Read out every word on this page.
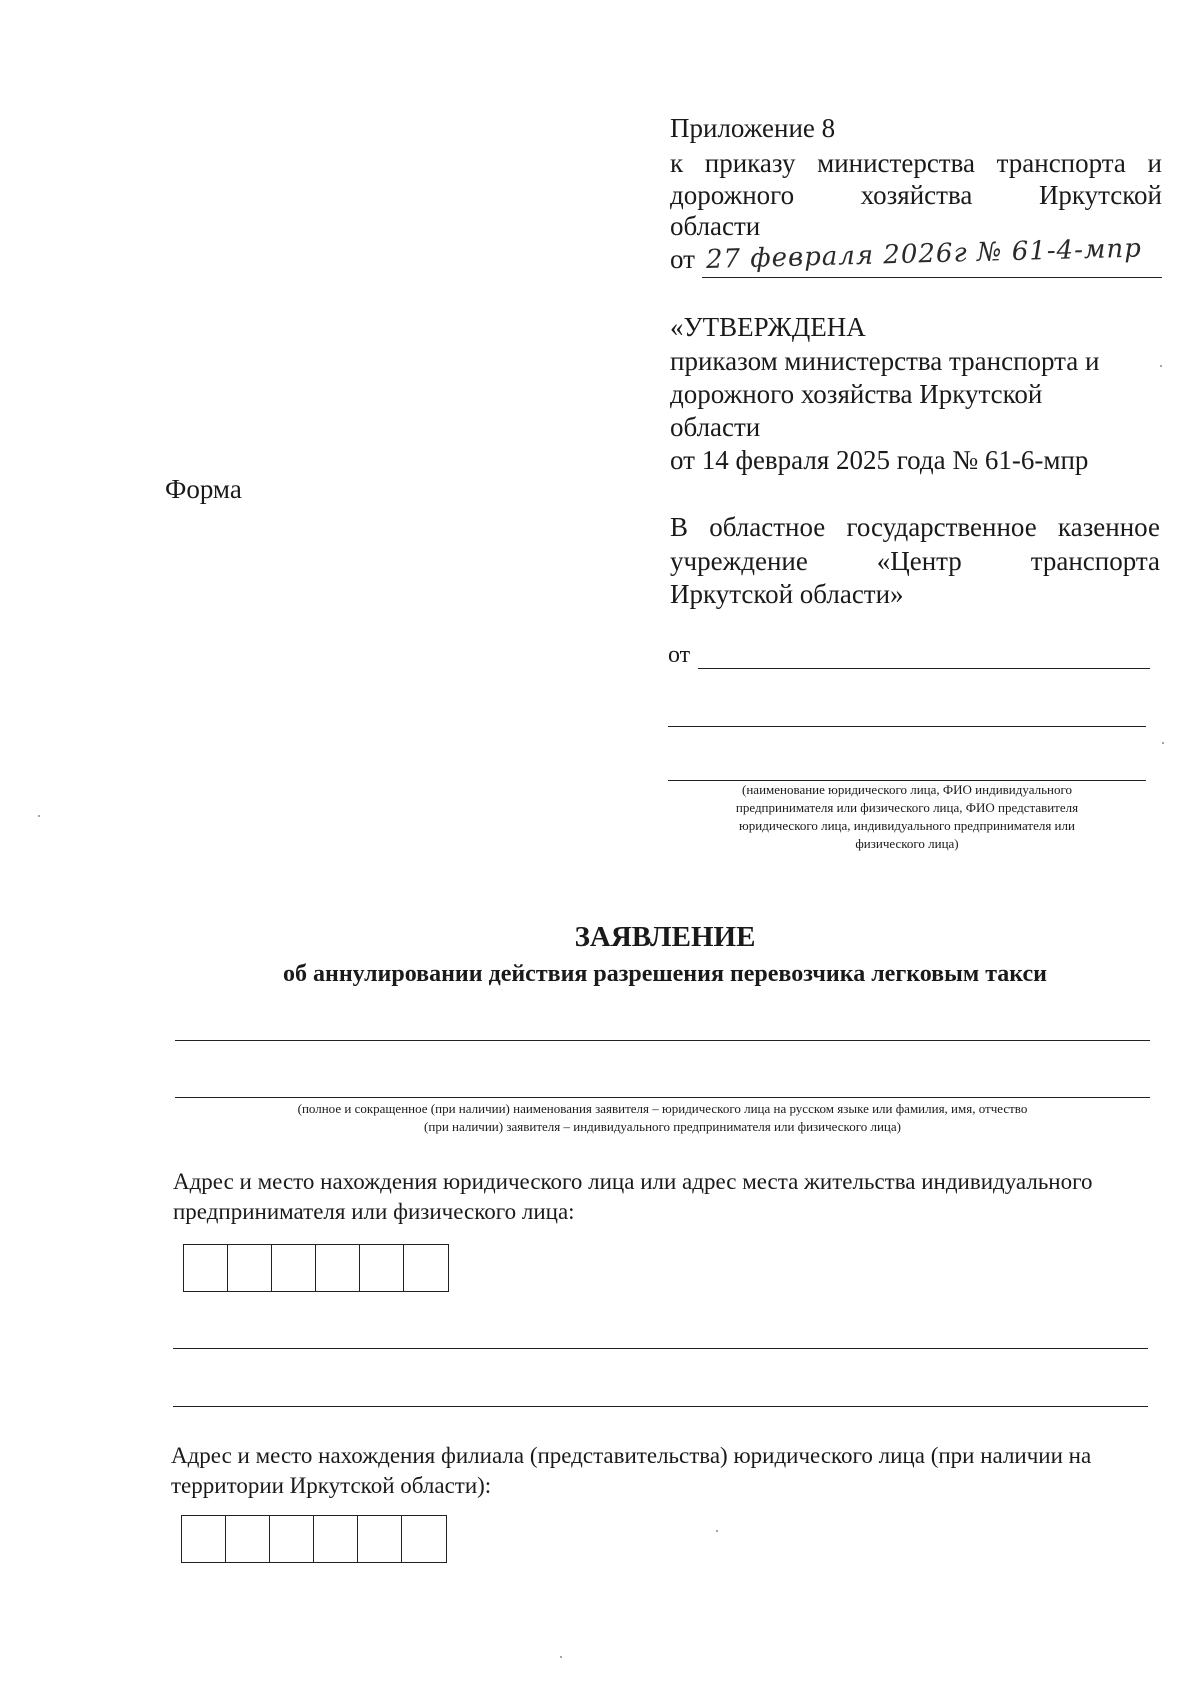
Приложение 8
к приказу министерства транспорта и
дорожного хозяйства Иркутской
области
от 27 февраля 2026г № 61-4-мпр
«УТВЕРЖДЕНА
приказом министерства транспорта и
дорожного хозяйства Иркутской
области
от 14 февраля 2025 года № 61-6-мпр
Форма
В областное государственное казенное
учреждение	«Центр	транспорта
Иркутской области»
от
(наименование юридического лица, ФИО индивидуального
предпринимателя или физического лица, ФИО представителя
юридического лица, индивидуального предпринимателя или
физического лица)
ЗАЯВЛЕНИЕ
об аннулировании действия разрешения перевозчика легковым такси
(полное и сокращенное (при наличии) наименования заявителя – юридического лица на русском языке или фамилия, имя, отчество
(при наличии) заявителя – индивидуального предпринимателя или физического лица)
Адрес и место нахождения юридического лица или адрес места жительства индивидуального
предпринимателя или физического лица:
Адрес и место нахождения филиала (представительства) юридического лица (при наличии на
территории Иркутской области):
